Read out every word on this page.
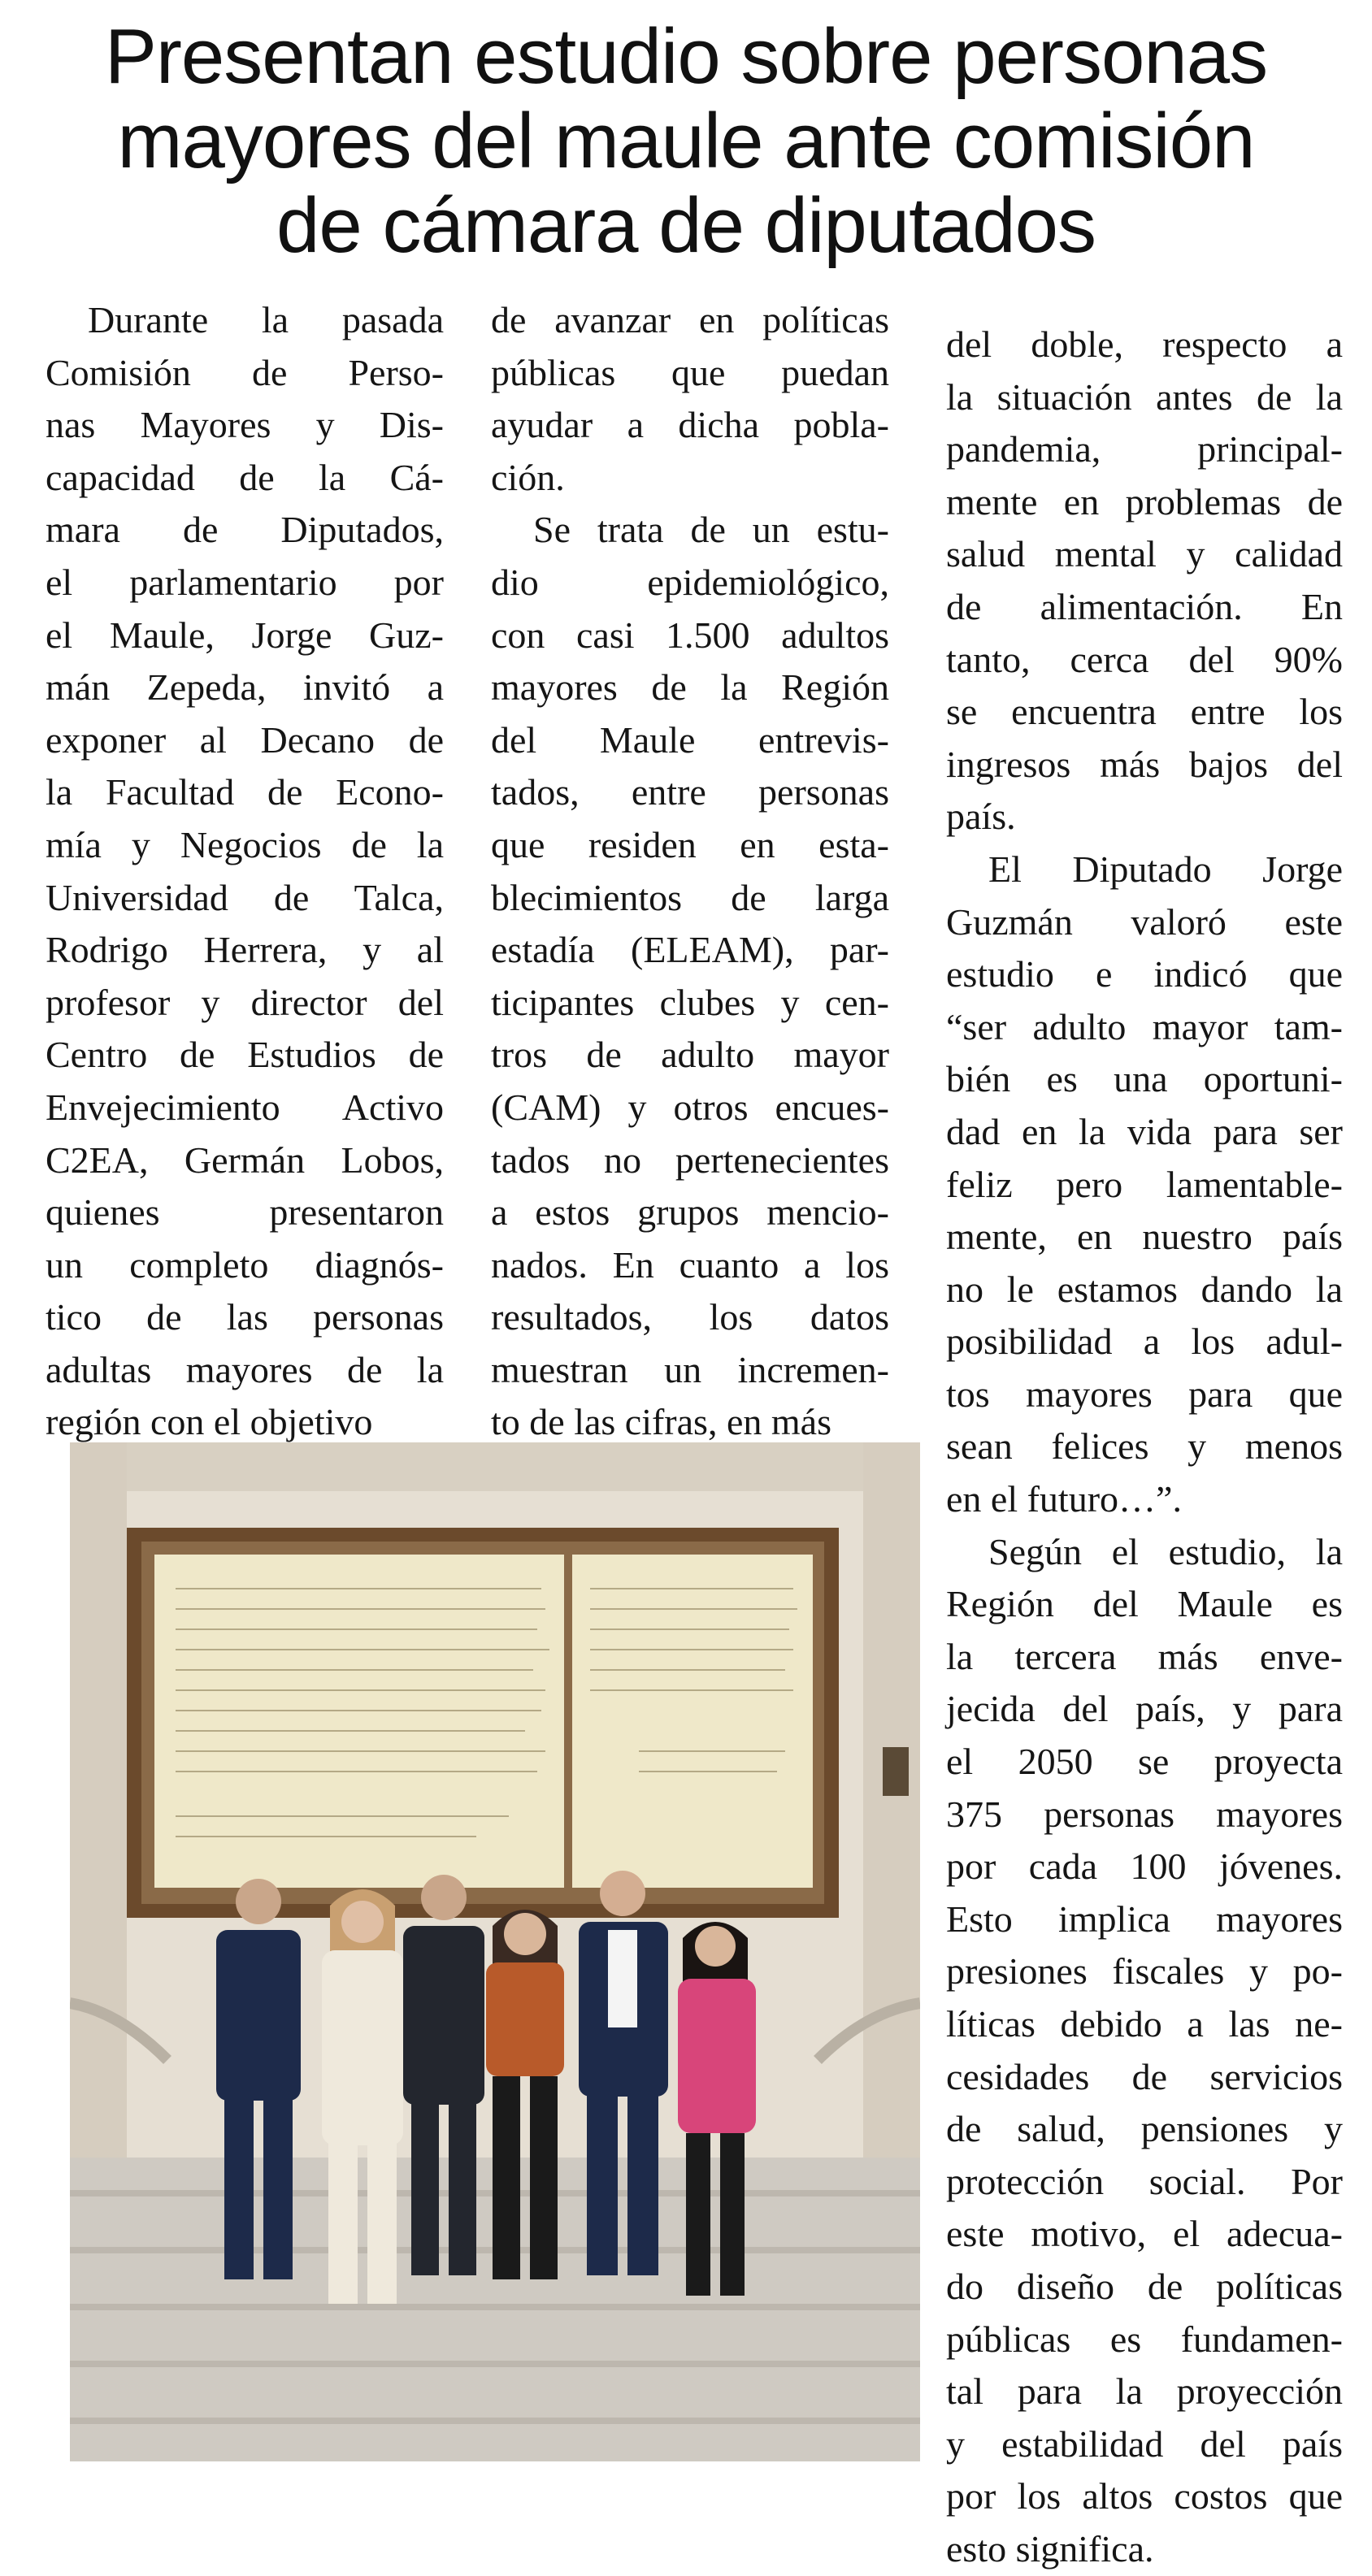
Presentan estudio sobre personas
mayores del maule ante comisión
de cámara de diputados
Durante la pasada
Comisión de Perso-
nas Mayores y Dis-
capacidad de la Cá-
mara de Diputados,
el parlamentario por
el Maule, Jorge Guz-
mán Zepeda, invitó a
exponer al Decano de
la Facultad de Econo-
mía y Negocios de la
Universidad de Talca,
Rodrigo Herrera, y al
profesor y director del
Centro de Estudios de
Envejecimiento Activo
C2EA, Germán Lobos,
quienes presentaron
un completo diagnós-
tico de las personas
adultas mayores de la
región con el objetivo
de avanzar en políticas
públicas que puedan
ayudar a dicha pobla-
ción.
Se trata de un estu-
dio epidemiológico,
con casi 1.500 adultos
mayores de la Región
del Maule entrevis-
tados, entre personas
que residen en esta-
blecimientos de larga
estadía (ELEAM), par-
ticipantes clubes y cen-
tros de adulto mayor
(CAM) y otros encues-
tados no pertenecientes
a estos grupos mencio-
nados. En cuanto a los
resultados, los datos
muestran un incremen-
to de las cifras, en más
del doble, respecto a
la situación antes de la
pandemia, principal-
mente en problemas de
salud mental y calidad
de alimentación. En
tanto, cerca del 90%
se encuentra entre los
ingresos más bajos del
país.
El Diputado Jorge
Guzmán valoró este
estudio e indicó que
“ser adulto mayor tam-
bién es una oportuni-
dad en la vida para ser
feliz pero lamentable-
mente, en nuestro país
no le estamos dando la
posibilidad a los adul-
tos mayores para que
sean felices y menos
en el futuro…”.
Según el estudio, la
Región del Maule es
la tercera más enve-
jecida del país, y para
el 2050 se proyecta
375 personas mayores
por cada 100 jóvenes.
Esto implica mayores
presiones fiscales y po-
líticas debido a las ne-
cesidades de servicios
de salud, pensiones y
protección social. Por
este motivo, el adecua-
do diseño de políticas
públicas es fundamen-
tal para la proyección
y estabilidad del país
por los altos costos que
esto significa.
